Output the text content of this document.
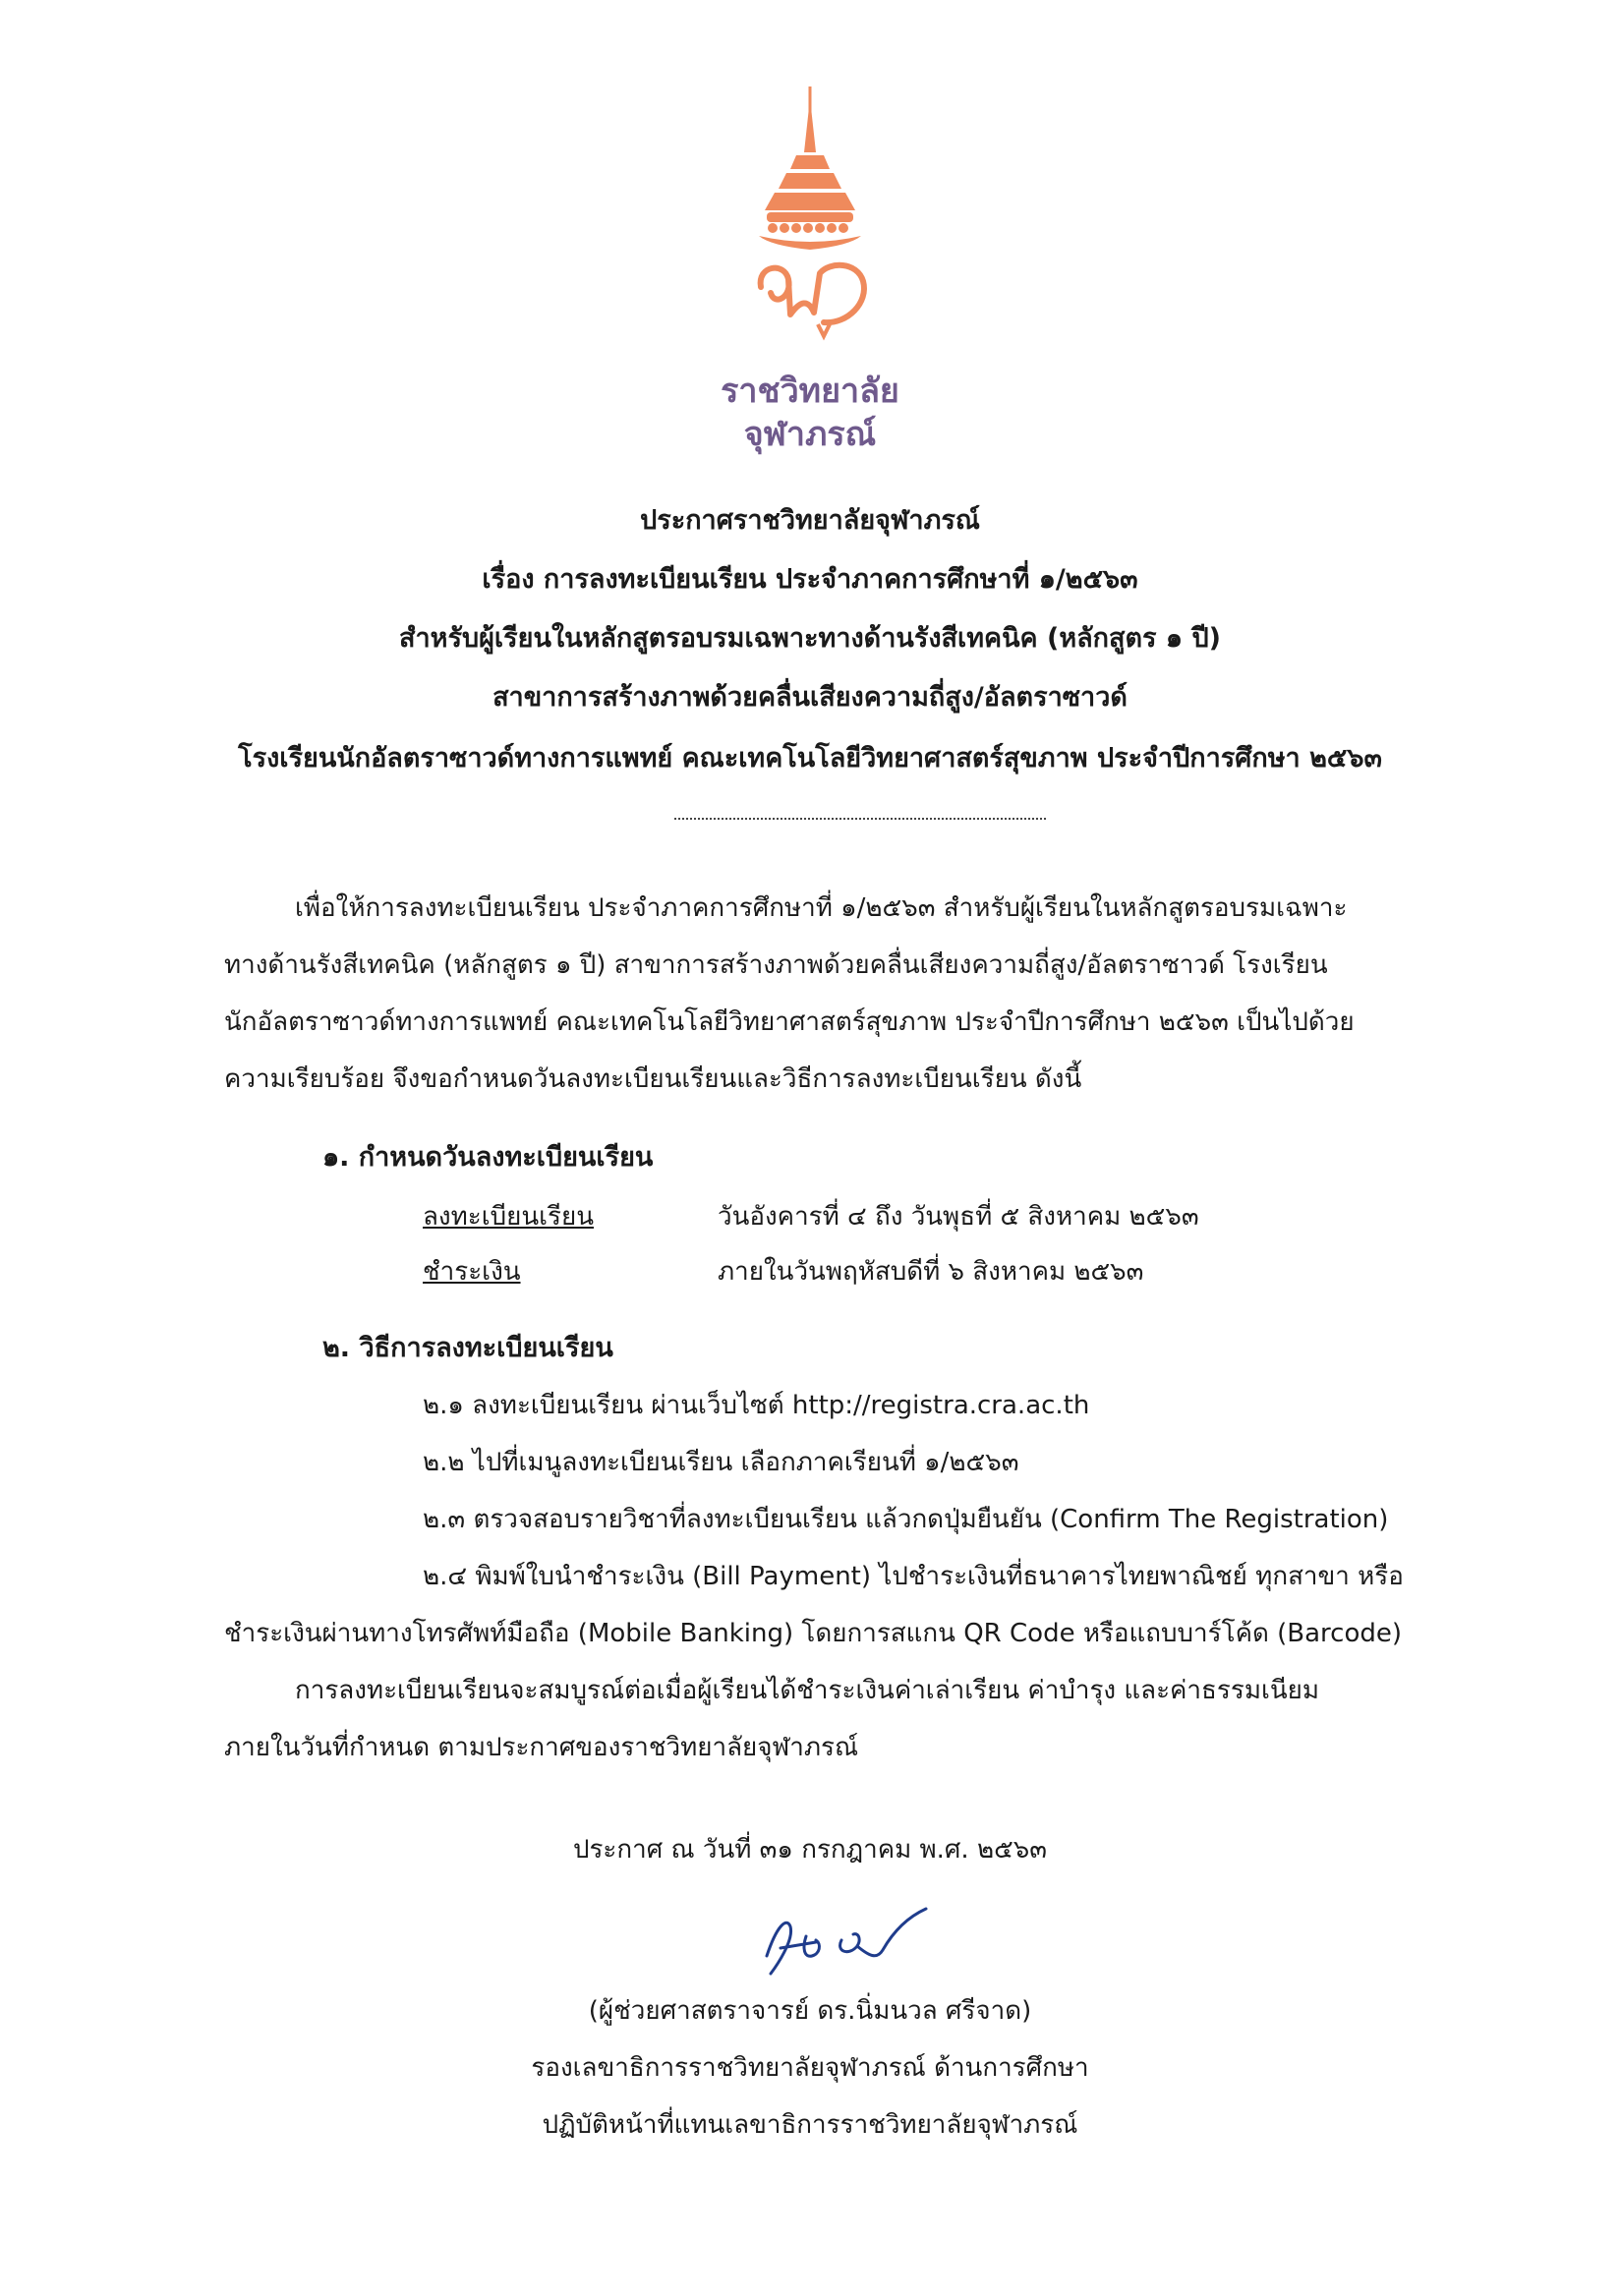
ราชวิทยาลัย
จุฬาภรณ์
ประกาศราชวิทยาลัยจุฬาภรณ์
เรื่อง การลงทะเบียนเรียน ประจำภาคการศึกษาที่ ๑/๒๕๖๓
สำหรับผู้เรียนในหลักสูตรอบรมเฉพาะทางด้านรังสีเทคนิค (หลักสูตร ๑ ปี)
สาขาการสร้างภาพด้วยคลื่นเสียงความถี่สูง/อัลตราซาวด์
โรงเรียนนักอัลตราซาวด์ทางการแพทย์ คณะเทคโนโลยีวิทยาศาสตร์สุขภาพ ประจำปีการศึกษา ๒๕๖๓
เพื่อให้การลงทะเบียนเรียน ประจำภาคการศึกษาที่ ๑/๒๕๖๓ สำหรับผู้เรียนในหลักสูตรอบรมเฉพาะ
ทางด้านรังสีเทคนิค (หลักสูตร ๑ ปี) สาขาการสร้างภาพด้วยคลื่นเสียงความถี่สูง/อัลตราซาวด์ โรงเรียน
นักอัลตราซาวด์ทางการแพทย์ คณะเทคโนโลยีวิทยาศาสตร์สุขภาพ ประจำปีการศึกษา ๒๕๖๓ เป็นไปด้วย
ความเรียบร้อย จึงขอกำหนดวันลงทะเบียนเรียนและวิธีการลงทะเบียนเรียน ดังนี้
๑. กำหนดวันลงทะเบียนเรียน
ลงทะเบียนเรียน	วันอังคารที่ ๔ ถึง วันพุธที่ ๕ สิงหาคม ๒๕๖๓
ชำระเงิน	ภายในวันพฤหัสบดีที่ ๖ สิงหาคม ๒๕๖๓
๒. วิธีการลงทะเบียนเรียน
๒.๑ ลงทะเบียนเรียน ผ่านเว็บไซต์ http://registra.cra.ac.th
๒.๒ ไปที่เมนูลงทะเบียนเรียน เลือกภาคเรียนที่ ๑/๒๕๖๓
๒.๓ ตรวจสอบรายวิชาที่ลงทะเบียนเรียน แล้วกดปุ่มยืนยัน (Confirm The Registration)
๒.๔ พิมพ์ใบนำชำระเงิน (Bill Payment) ไปชำระเงินที่ธนาคารไทยพาณิชย์ ทุกสาขา หรือ
ชำระเงินผ่านทางโทรศัพท์มือถือ (Mobile Banking) โดยการสแกน QR Code หรือแถบบาร์โค้ด (Barcode)
การลงทะเบียนเรียนจะสมบูรณ์ต่อเมื่อผู้เรียนได้ชำระเงินค่าเล่าเรียน ค่าบำรุง และค่าธรรมเนียม
ภายในวันที่กำหนด ตามประกาศของราชวิทยาลัยจุฬาภรณ์
ประกาศ ณ วันที่ ๓๑ กรกฎาคม พ.ศ. ๒๕๖๓
(ผู้ช่วยศาสตราจารย์ ดร.นิ่มนวล ศรีจาด)
รองเลขาธิการราชวิทยาลัยจุฬาภรณ์ ด้านการศึกษา
ปฏิบัติหน้าที่แทนเลขาธิการราชวิทยาลัยจุฬาภรณ์
